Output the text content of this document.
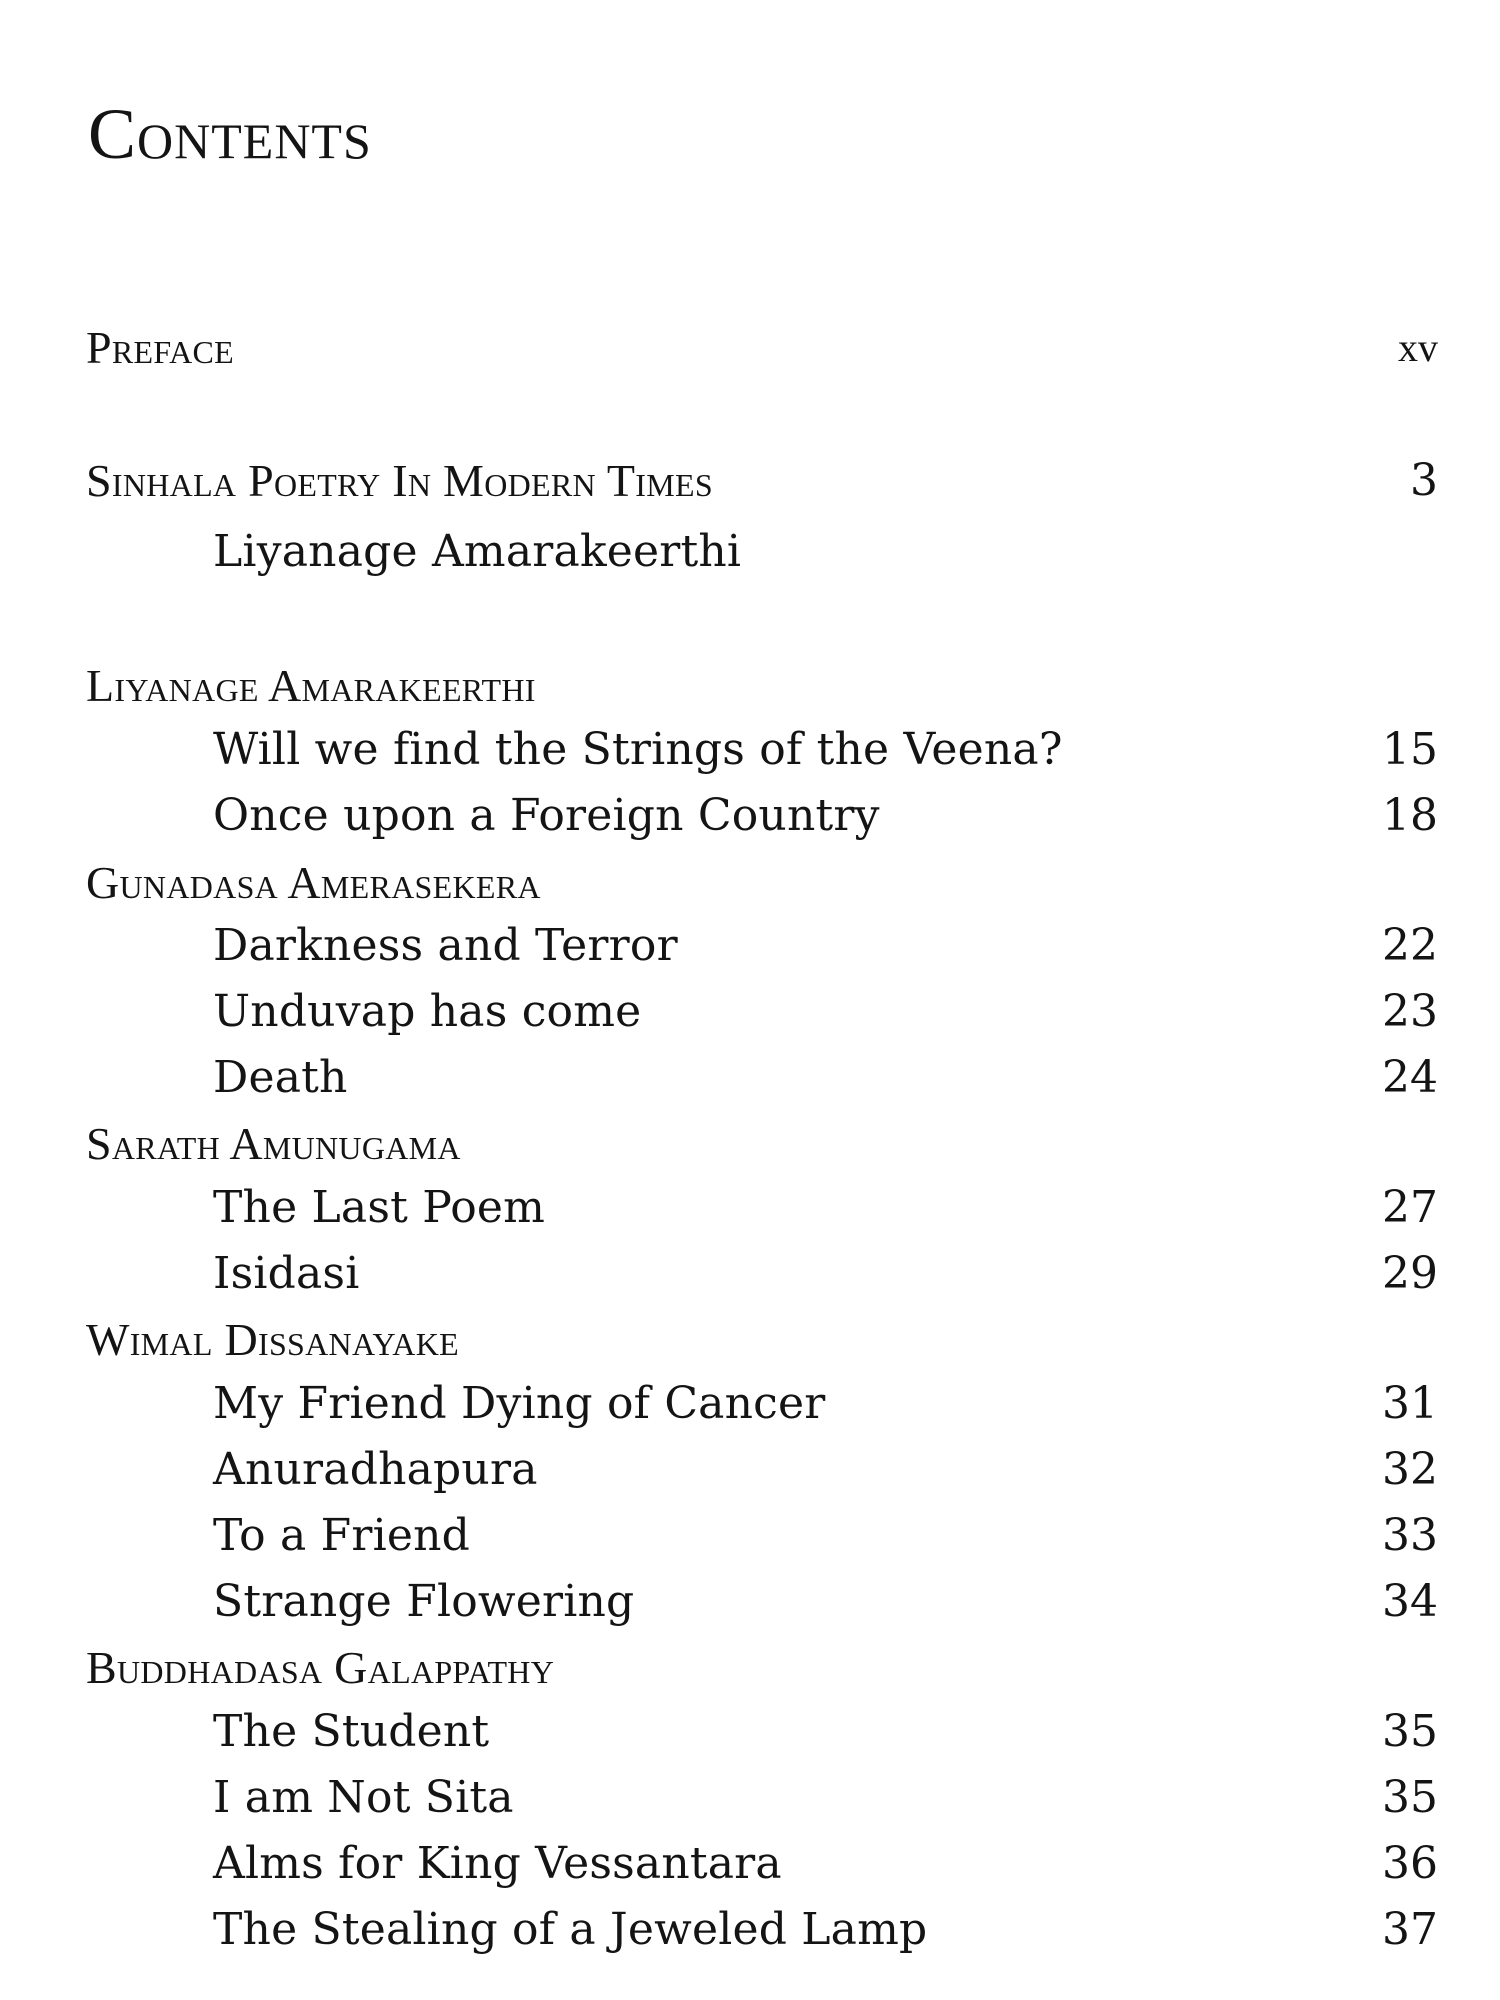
Contents
Preface	xv
Sinhala Poetry In Modern Times	3
Liyanage Amarakeerthi
Liyanage Amarakeerthi
Will we find the Strings of the Veena?	15
Once upon a Foreign Country	18
Gunadasa Amerasekera
Darkness and Terror	22
Unduvap has come	23
Death	24
Sarath Amunugama
The Last Poem	27
Isidasi	29
Wimal Dissanayake
My Friend Dying of Cancer	31
Anuradhapura	32
To a Friend	33
Strange Flowering	34
Buddhadasa Galappathy
The Student	35
I am Not Sita	35
Alms for King Vessantara	36
The Stealing of a Jeweled Lamp	37
